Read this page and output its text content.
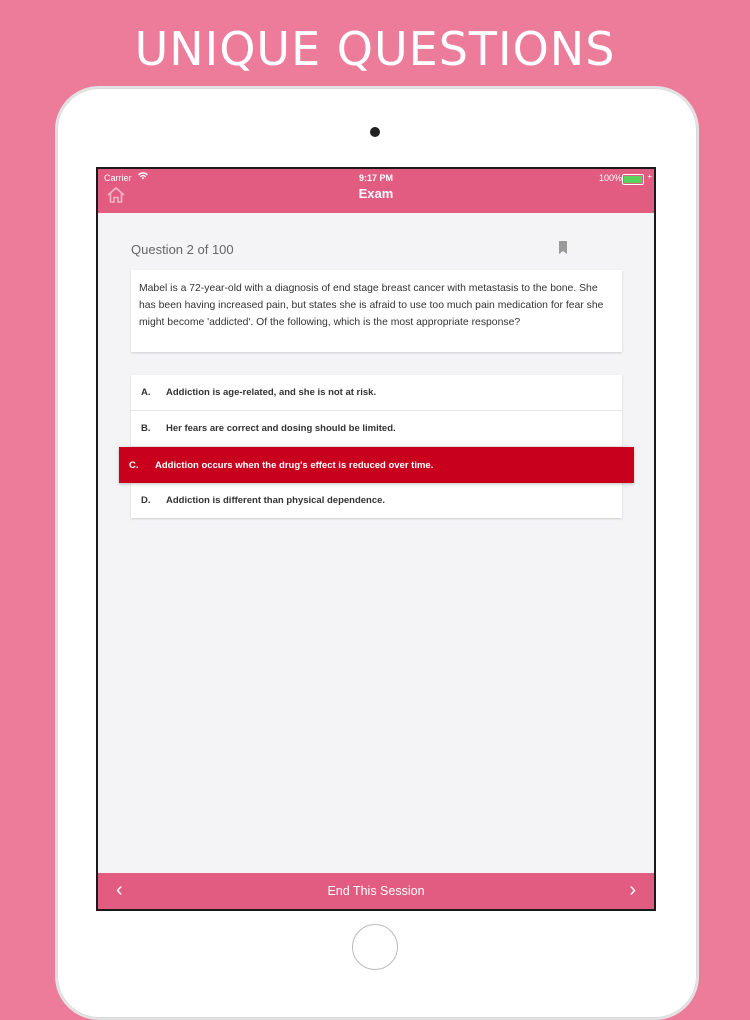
UNIQUE QUESTIONS
Carrier	9:17 PM	100%	+
Exam
Question 2 of 100
Mabel is a 72-year-old with a diagnosis of end stage breast cancer with metastasis to the bone. She has been having increased pain, but states she is afraid to use too much pain medication for fear she might become 'addicted'. Of the following, which is the most appropriate response?
A. Addiction is age-related, and she is not at risk.
B. Her fears are correct and dosing should be limited.
C. Addiction occurs when the drug's effect is reduced over time.
D. Addiction is different than physical dependence.
‹	End This Session	›
